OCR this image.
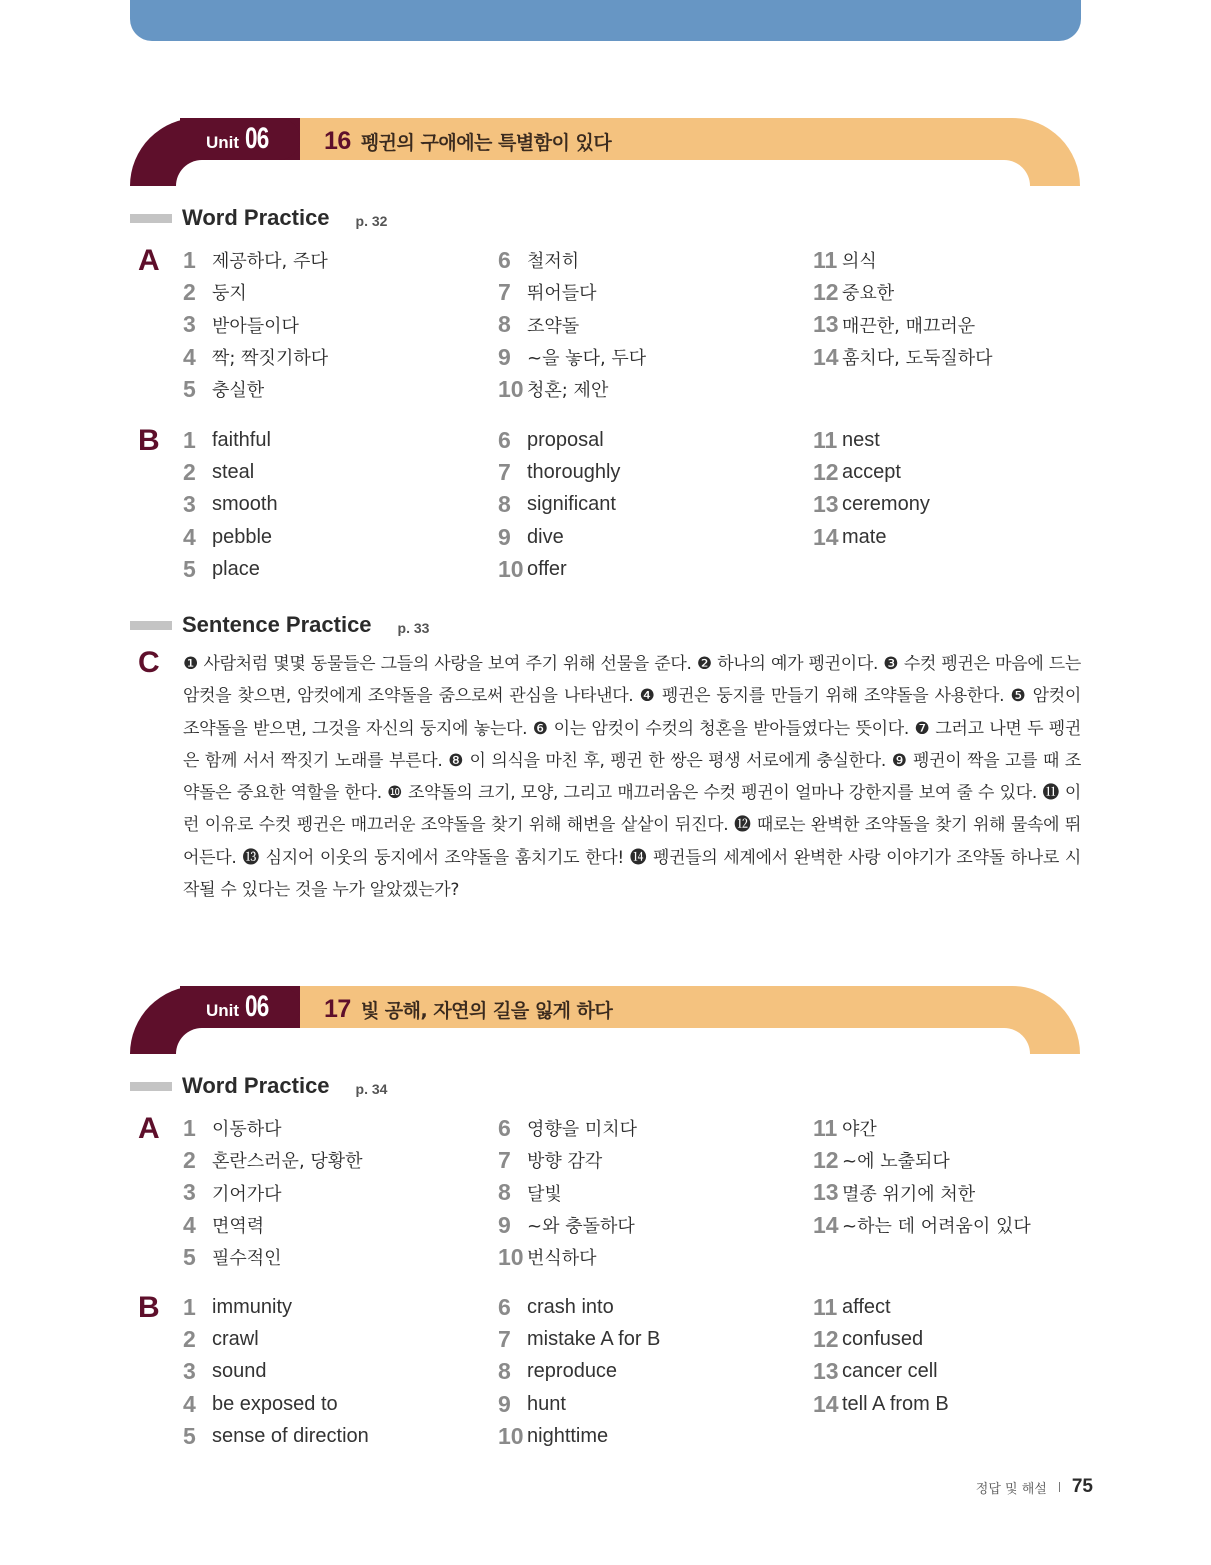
Unit 06 16 펭귄의 구애에는 특별함이 있다
Word Practice p. 32
A 1 제공하다, 주다
2 둥지
3 받아들이다
4 짝; 짝짓기하다
5 충실한
6 철저히
7 뛰어들다
8 조약돌
9 ~을 놓다, 두다
10 청혼; 제안
11 의식
12 중요한
13 매끈한, 매끄러운
14 훔치다, 도둑질하다
B 1 faithful
2 steal
3 smooth
4 pebble
5 place
6 proposal
7 thoroughly
8 significant
9 dive
10 offer
11 nest
12 accept
13 ceremony
14 mate
Sentence Practice p. 33
C ❶ 사람처럼 몇몇 동물들은 그들의 사랑을 보여 주기 위해 선물을 준다. ❷ 하나의 예가 펭귄이다. ❸ 수컷 펭귄은 마음에 드는 암컷을 찾으면, 암컷에게 조약돌을 줌으로써 관심을 나타낸다. ❹ 펭귄은 둥지를 만들기 위해 조약돌을 사용한다. ❺ 암컷이 조약돌을 받으면, 그것을 자신의 둥지에 놓는다. ❻ 이는 암컷이 수컷의 청혼을 받아들였다는 뜻이다. ❼ 그러고 나면 두 펭귄은 함께 서서 짝짓기 노래를 부른다. ❽ 이 의식을 마친 후, 펭귄 한 쌍은 평생 서로에게 충실한다. ❾ 펭귄이 짝을 고를 때 조약돌은 중요한 역할을 한다. ❿ 조약돌의 크기, 모양, 그리고 매끄러움은 수컷 펭귄이 얼마나 강한지를 보여 줄 수 있다. ⓫ 이런 이유로 수컷 펭귄은 매끄러운 조약돌을 찾기 위해 해변을 샅샅이 뒤진다. ⓬ 때로는 완벽한 조약돌을 찾기 위해 물속에 뛰어든다. ⓭ 심지어 이웃의 둥지에서 조약돌을 훔치기도 한다! ⓮ 펭귄들의 세계에서 완벽한 사랑 이야기가 조약돌 하나로 시작될 수 있다는 것을 누가 알았겠는가?
Unit 06 17 빛 공해, 자연의 길을 잃게 하다
Word Practice p. 34
A 1 이동하다
2 혼란스러운, 당황한
3 기어가다
4 면역력
5 필수적인
6 영향을 미치다
7 방향 감각
8 달빛
9 ~와 충돌하다
10 번식하다
11 야간
12 ~에 노출되다
13 멸종 위기에 처한
14 ~하는 데 어려움이 있다
B 1 immunity
2 crawl
3 sound
4 be exposed to
5 sense of direction
6 crash into
7 mistake A for B
8 reproduce
9 hunt
10 nighttime
11 affect
12 confused
13 cancer cell
14 tell A from B
정답 및 해설 75
